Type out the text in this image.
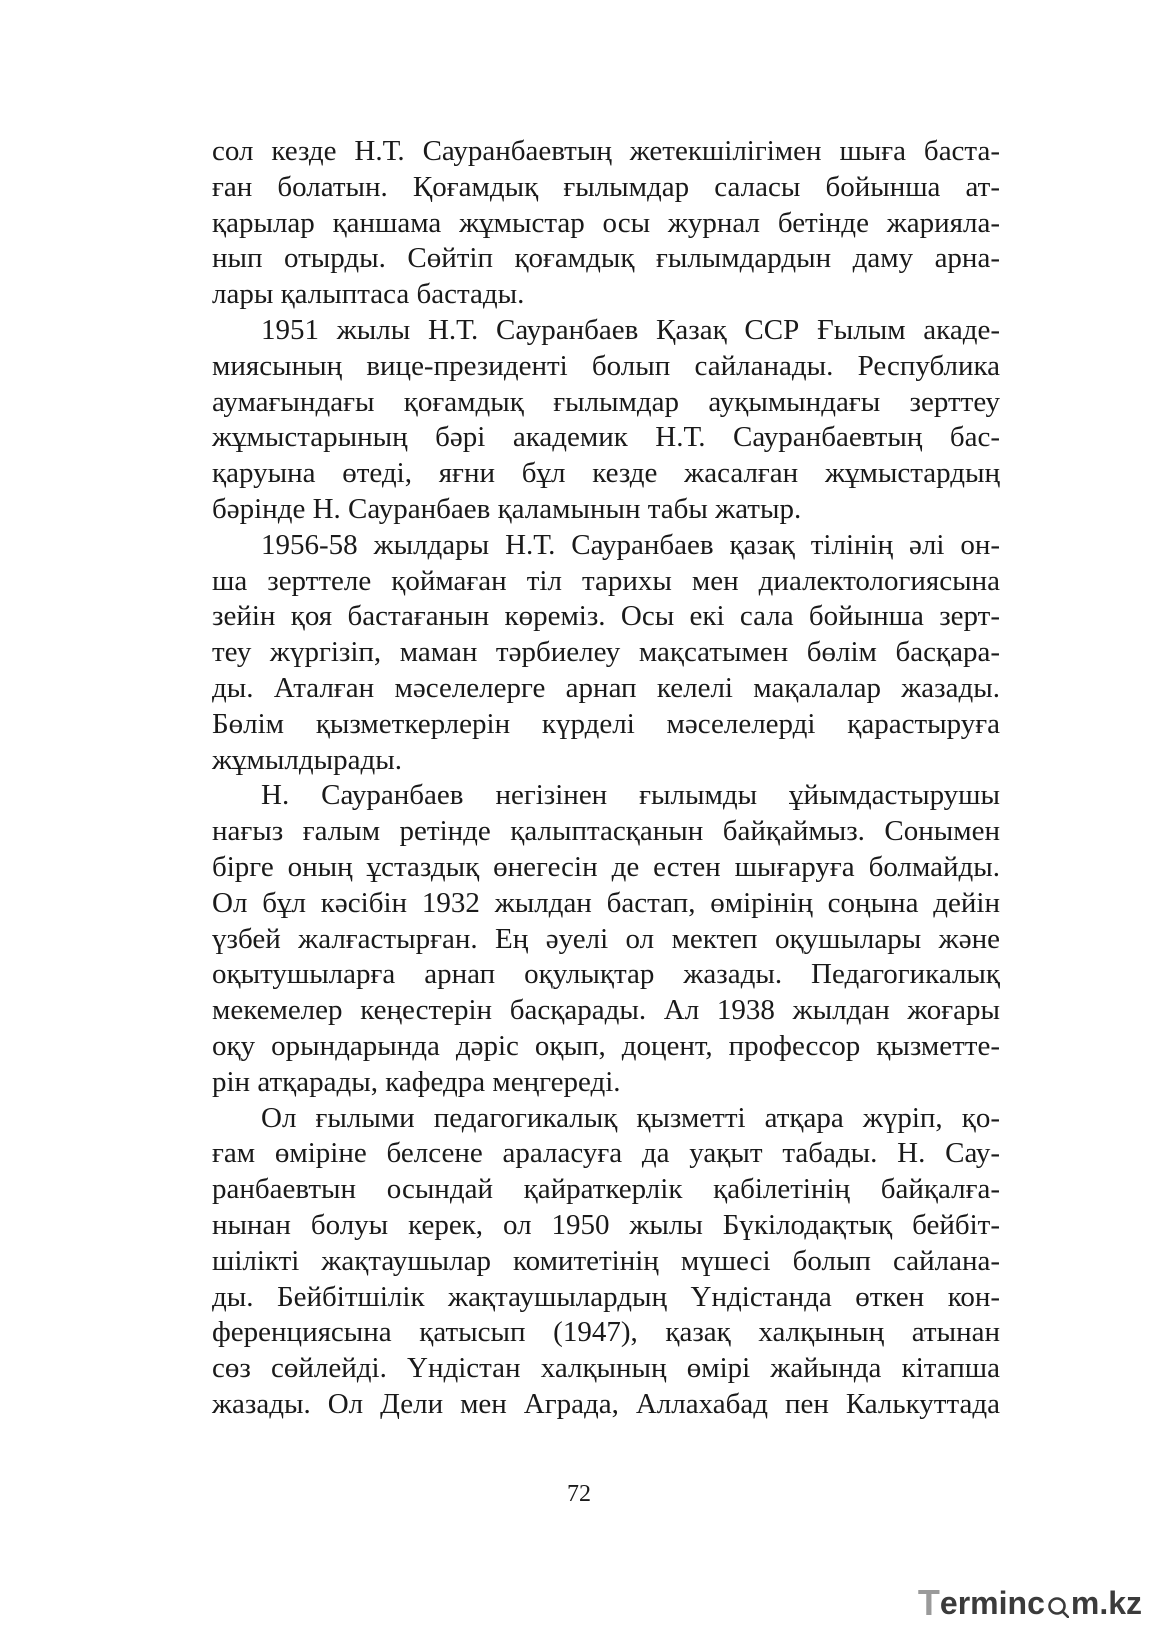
сол кезде Н.Т. Сауранбаевтың жетекшілігімен шыға баста-
ған болатын. Қоғамдық ғылымдар саласы бойынша ат-
қарылар қаншама жұмыстар осы журнал бетінде жарияла-
нып отырды. Сөйтіп қоғамдық ғылымдардын даму арна-
лары қалыптаса бастады.
1951 жылы Н.Т. Сауранбаев Қазақ ССР Ғылым акаде-
миясының вице-президенті болып сайланады. Республика
аумағындағы қоғамдық ғылымдар ауқымындағы зерттеу
жұмыстарының бәрі академик Н.Т. Сауранбаевтың бас-
қаруына өтеді, яғни бұл кезде жасалған жұмыстардың
бәрінде Н. Сауранбаев қаламынын табы жатыр.
1956-58 жылдары Н.Т. Сауранбаев қазақ тілінің әлі он-
ша зерттеле қоймаған тіл тарихы мен диалектологиясына
зейін қоя бастағанын көреміз. Осы екі сала бойынша зерт-
теу жүргізіп, маман тәрбиелеу мақсатымен бөлім басқара-
ды. Аталған мәселелерге арнап келелі мақалалар жазады.
Бөлім қызметкерлерін күрделі мәселелерді қарастыруға
жұмылдырады.
Н. Сауранбаев негізінен ғылымды ұйымдастырушы
нағыз ғалым ретінде қалыптасқанын байқаймыз. Сонымен
бірге оның ұстаздық өнегесін де естен шығаруға болмайды.
Ол бұл кәсібін 1932 жылдан бастап, өмірінің соңына дейін
үзбей жалғастырған. Ең әуелі ол мектеп оқушылары және
оқытушыларға арнап оқулықтар жазады. Педагогикалық
мекемелер кеңестерін басқарады. Ал 1938 жылдан жоғары
оқу орындарында дәріс оқып, доцент, профессор қызметте-
рін атқарады, кафедра меңгереді.
Ол ғылыми педагогикалық қызметті атқара жүріп, қо-
ғам өміріне белсене араласуға да уақыт табады. Н. Сау-
ранбаевтын осындай қайраткерлік қабілетінің байқалға-
нынан болуы керек, ол 1950 жылы Бүкілодақтық бейбіт-
шілікті жақтаушылар комитетінің мүшесі болып сайлана-
ды. Бейбітшілік жақтаушылардың Үндістанда өткен кон-
ференциясына қатысып (1947), қазақ халқының атынан
сөз сөйлейді. Үндістан халқының өмірі жайында кітапша
жазады. Ол Дели мен Аграда, Аллахабад пен Калькуттада
72
T erminc m.kz
